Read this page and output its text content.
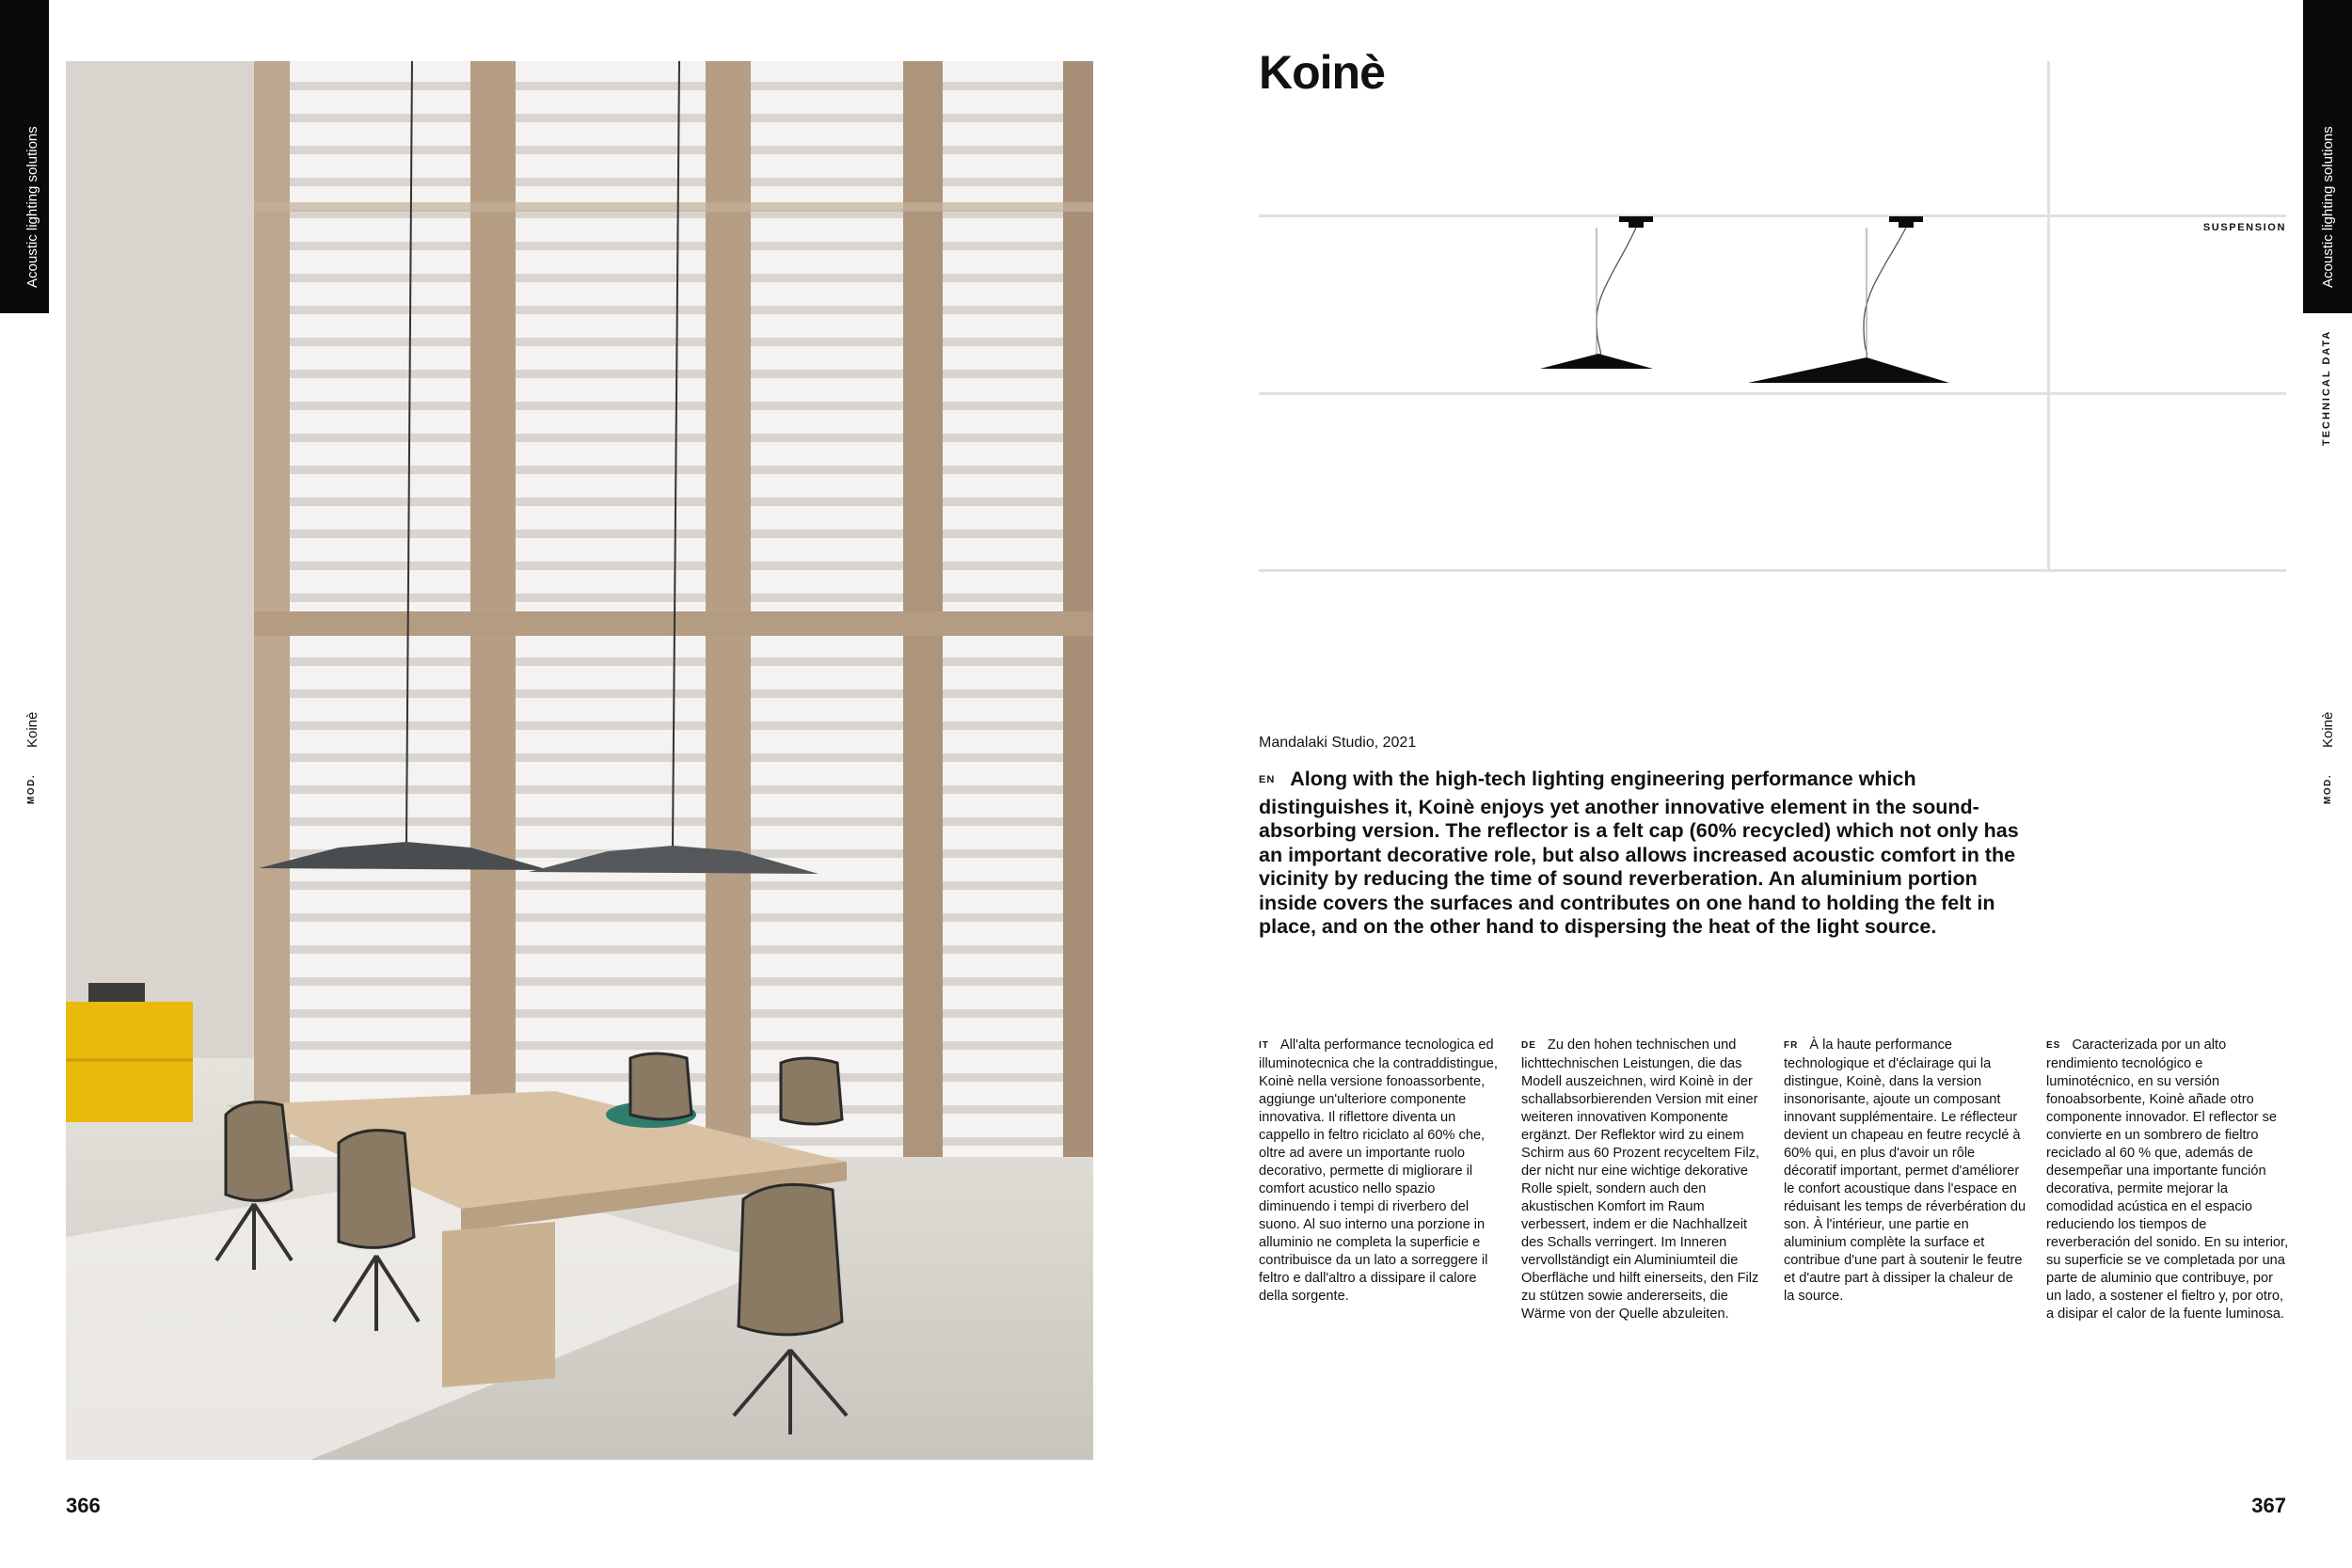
Acoustic lighting solutions
MOD.
Koinè
Koinè
SUSPENSION
Mandalaki Studio, 2021
EN Along with the high-tech lighting engineering performance which distinguishes it, Koinè enjoys yet another innovative element in the sound-absorbing version. The reflector is a felt cap (60% recycled) which not only has an important decorative role, but also allows increased acoustic comfort in the vicinity by reducing the time of sound reverberation. An aluminium portion inside covers the surfaces and contributes on one hand to holding the felt in place, and on the other hand to dispersing the heat of the light source.
IT All'alta performance tecnologica ed illuminotecnica che la contraddistingue, Koinè nella versione fonoassorbente, aggiunge un'ulteriore componente innovativa. Il riflettore diventa un cappello in feltro riciclato al 60% che, oltre ad avere un importante ruolo decorativo, permette di migliorare il comfort acustico nello spazio diminuendo i tempi di riverbero del suono. Al suo interno una porzione in alluminio ne completa la superficie e contribuisce da un lato a sorreggere il feltro e dall'altro a dissipare il calore della sorgente.
DE Zu den hohen technischen und lichttechnischen Leistungen, die das Modell auszeichnen, wird Koinè in der schallabsorbierenden Version mit einer weiteren innovativen Komponente ergänzt. Der Reflektor wird zu einem Schirm aus 60 Prozent recyceltem Filz, der nicht nur eine wichtige dekorative Rolle spielt, sondern auch den akustischen Komfort im Raum verbessert, indem er die Nachhallzeit des Schalls verringert. Im Inneren vervollständigt ein Aluminiumteil die Oberfläche und hilft einerseits, den Filz zu stützen sowie andererseits, die Wärme von der Quelle abzuleiten.
FR À la haute performance technologique et d'éclairage qui la distingue, Koinè, dans la version insonorisante, ajoute un composant innovant supplémentaire. Le réflecteur devient un chapeau en feutre recyclé à 60% qui, en plus d'avoir un rôle décoratif important, permet d'améliorer le confort acoustique dans l'espace en réduisant les temps de réverbération du son. À l'intérieur, une partie en aluminium complète la surface et contribue d'une part à soutenir le feutre et d'autre part à dissiper la chaleur de la source.
ES Caracterizada por un alto rendimiento tecnológico e luminotécnico, en su versión fonoabsorbente, Koinè añade otro componente innovador. El reflector se convierte en un sombrero de fieltro reciclado al 60 % que, además de desempeñar una importante función decorativa, permite mejorar la comodidad acústica en el espacio reduciendo los tiempos de reverberación del sonido. En su interior, su superficie se ve completada por una parte de aluminio que contribuye, por un lado, a sostener el fieltro y, por otro, a disipar el calor de la fuente luminosa.
366	367
Acoustic lighting solutions
TECHNICAL DATA
MOD.
Koinè
